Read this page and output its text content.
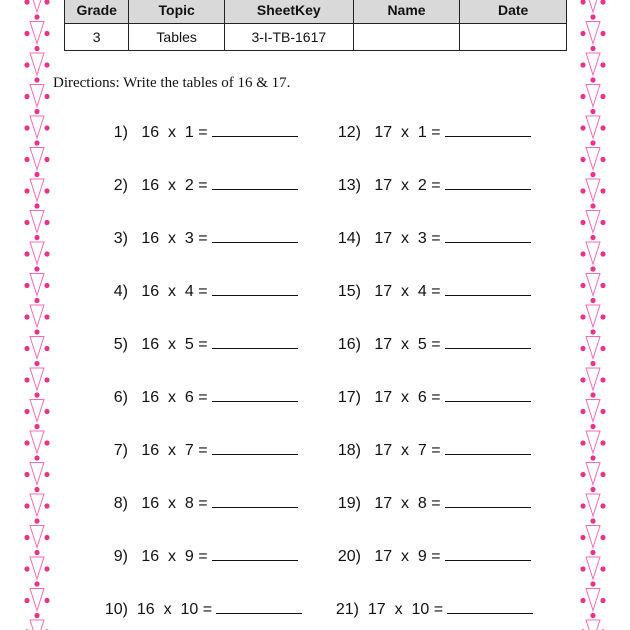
Grade	Topic	SheetKey	Name	Date
3	Tables	3-I-TB-1617		
Directions: Write the tables of 16 & 17.
1) 16  x  1 =
2) 16  x  2 =
3) 16  x  3 =
4) 16  x  4 =
5) 16  x  5 =
6) 16  x  6 =
7) 16  x  7 =
8) 16  x  8 =
9) 16  x  9 =
10) 16  x  10 =
12) 17  x  1 =
13) 17  x  2 =
14) 17  x  3 =
15) 17  x  4 =
16) 17  x  5 =
17) 17  x  6 =
18) 17  x  7 =
19) 17  x  8 =
20) 17  x  9 =
21) 17  x  10 =
